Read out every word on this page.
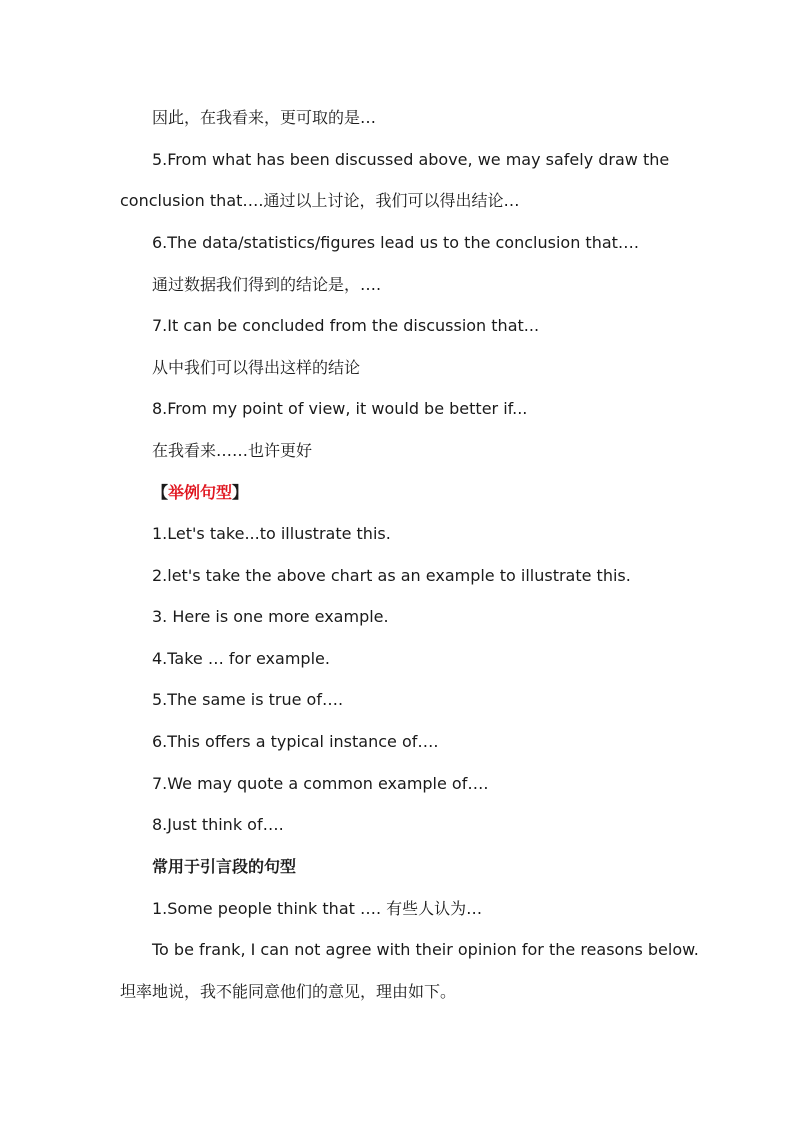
因此，在我看来，更可取的是…
5.From what has been discussed above, we may safely draw the
conclusion that….通过以上讨论，我们可以得出结论…
6.The data/statistics/figures lead us to the conclusion that….
通过数据我们得到的结论是，….
7.It can be concluded from the discussion that...
从中我们可以得出这样的结论
8.From my point of view, it would be better if...
在我看来……也许更好
【举例句型】
1.Let's take...to illustrate this.
2.let's take the above chart as an example to illustrate this.
3. Here is one more example.
4.Take … for example.
5.The same is true of….
6.This offers a typical instance of….
7.We may quote a common example of….
8.Just think of….
常用于引言段的句型
1.Some people think that …. 有些人认为…
To be frank, I can not agree with their opinion for the reasons below.
坦率地说，我不能同意他们的意见，理由如下。
